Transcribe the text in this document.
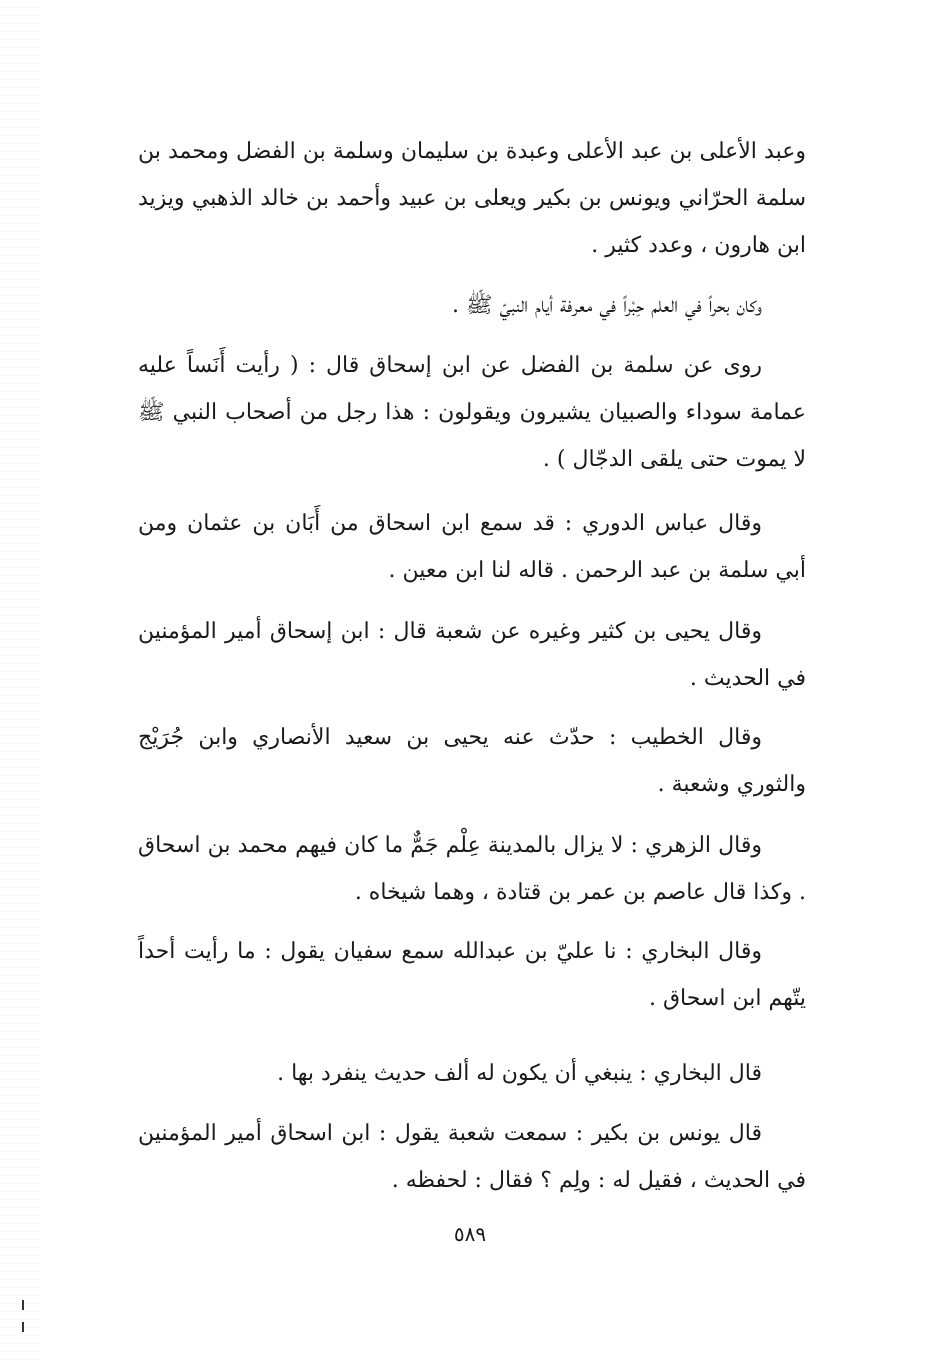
وعبد الأعلى بن عبد الأعلى وعبدة بن سليمان وسلمة بن الفضل ومحمد بن سلمة الحرّاني ويونس بن بكير ويعلى بن عبيد وأحمد بن خالد الذهبي ويزيد ابن هارون ، وعدد كثير .

وكان بحراً في العلم حِبْراً في معرفة أيام النبيّ ﷺ .

روى عن سلمة بن الفضل عن ابن إسحاق قال : ( رأيت أَنَساً عليه عمامة سوداء والصبيان يشيرون ويقولون : هذا رجل من أصحاب النبي ﷺ لا يموت حتى يلقى الدجّال ) .

وقال عباس الدوري : قد سمع ابن اسحاق من أَبَان بن عثمان ومن أبي سلمة بن عبد الرحمن . قاله لنا ابن معين .

وقال يحيى بن كثير وغيره عن شعبة قال : ابن إسحاق أمير المؤمنين في الحديث .

وقال الخطيب : حدّث عنه يحيى بن سعيد الأنصاري وابن جُرَيْج والثوري وشعبة .

وقال الزهري : لا يزال بالمدينة عِلْم جَمٌّ ما كان فيهم محمد بن اسحاق . وكذا قال عاصم بن عمر بن قتادة ، وهما شيخاه .

وقال البخاري : نا عليّ بن عبدالله سمع سفيان يقول : ما رأيت أحداً يتّهم ابن اسحاق .

قال البخاري : ينبغي أن يكون له ألف حديث ينفرد بها .

قال يونس بن بكير : سمعت شعبة يقول : ابن اسحاق أمير المؤمنين في الحديث ، فقيل له : ولِم ؟ فقال : لحفظه .

٥٨٩
